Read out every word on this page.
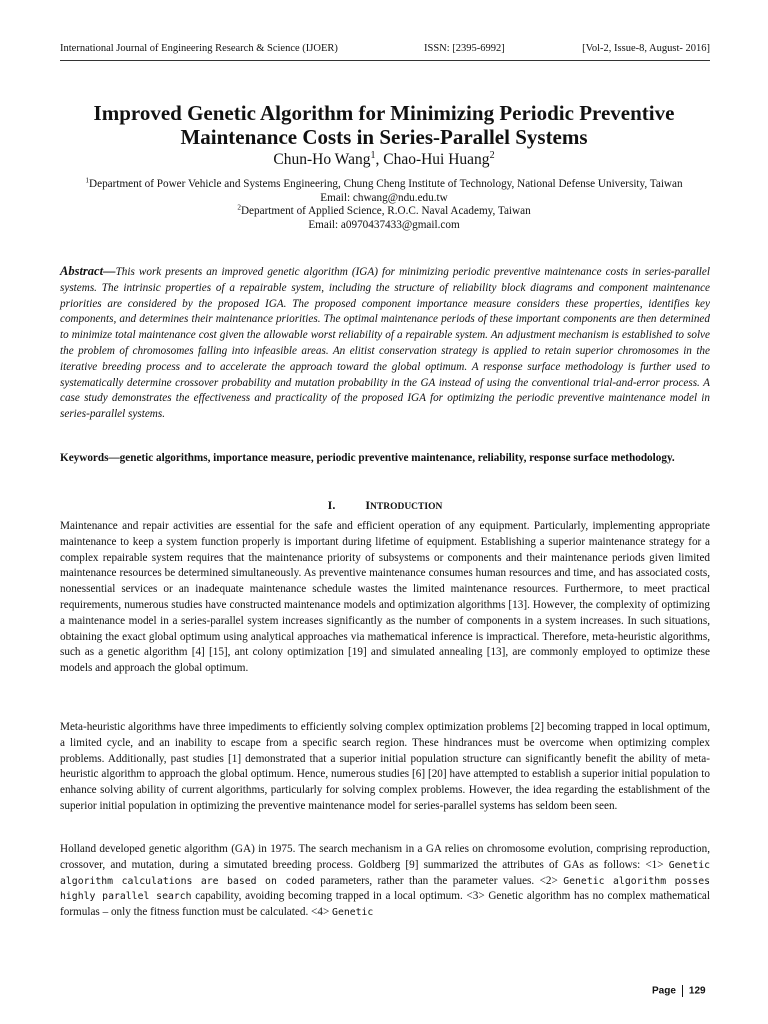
International Journal of Engineering Research & Science (IJOER)	ISSN: [2395-6992]	[Vol-2, Issue-8, August- 2016]
Improved Genetic Algorithm for Minimizing Periodic Preventive
Maintenance Costs in Series-Parallel Systems
Chun-Ho Wang$^1$, Chao-Hui Huang$^2$
$^1$Department of Power Vehicle and Systems Engineering, Chung Cheng Institute of Technology, National Defense University, Taiwan
Email: chwang@ndu.edu.tw
$^2$Department of Applied Science, R.O.C. Naval Academy, Taiwan
Email: a0970437433@gmail.com

Abstract—This work presents an improved genetic algorithm (IGA) for minimizing periodic preventive maintenance costs in series-parallel systems. The intrinsic properties of a repairable system, including the structure of reliability block diagrams and component maintenance priorities are considered by the proposed IGA. The proposed component importance measure considers these properties, identifies key components, and determines their maintenance priorities. The optimal maintenance periods of these important components are then determined to minimize total maintenance cost given the allowable worst reliability of a repairable system. An adjustment mechanism is established to solve the problem of chromosomes falling into infeasible areas. An elitist conservation strategy is applied to retain superior chromosomes in the iterative breeding process and to accelerate the approach toward the global optimum. A response surface methodology is further used to systematically determine crossover probability and mutation probability in the GA instead of using the conventional trial-and-error process. A case study demonstrates the effectiveness and practicality of the proposed IGA for optimizing the periodic preventive maintenance model in series-parallel systems.

Keywords—genetic algorithms, importance measure, periodic preventive maintenance, reliability, response surface methodology.

I.	INTRODUCTION

Maintenance and repair activities are essential for the safe and efficient operation of any equipment. Particularly, implementing appropriate maintenance to keep a system function properly is important during lifetime of equipment. Establishing a superior maintenance strategy for a complex repairable system requires that the maintenance priority of subsystems or components and their maintenance periods given limited maintenance resources be determined simultaneously. As preventive maintenance consumes human resources and time, and has associated costs, nonessential services or an inadequate maintenance schedule wastes the limited maintenance resources. Furthermore, to meet practical requirements, numerous studies have constructed maintenance models and optimization algorithms [13]. However, the complexity of optimizing a maintenance model in a series-parallel system increases significantly as the number of components in a system increases. In such situations, obtaining the exact global optimum using analytical approaches via mathematical inference is impractical. Therefore, meta-heuristic algorithms, such as a genetic algorithm [4] [15], ant colony optimization [19] and simulated annealing [13], are commonly employed to optimize these models and approach the global optimum.

Meta-heuristic algorithms have three impediments to efficiently solving complex optimization problems [2] becoming trapped in local optimum, a limited cycle, and an inability to escape from a specific search region. These hindrances must be overcome when optimizing complex problems. Additionally, past studies [1] demonstrated that a superior initial population structure can significantly benefit the ability of meta-heuristic algorithm to approach the global optimum. Hence, numerous studies [6] [20] have attempted to establish a superior initial population to enhance solving ability of current algorithms, particularly for solving complex problems. However, the idea regarding the establishment of the superior initial population in optimizing the preventive maintenance model for series-parallel systems has seldom been seen.

Holland developed genetic algorithm (GA) in 1975. The search mechanism in a GA relies on chromosome evolution, comprising reproduction, crossover, and mutation, during a simutated breeding process. Goldberg [9] summarized the attributes of GAs as follows: <1> Genetic algorithm calculations are based on coded parameters, rather than the parameter values. <2> Genetic algorithm posses highly parallel search capability, avoiding becoming trapped in a local optimum. <3> Genetic algorithm has no complex mathematical formulas – only the fitness function must be calculated. <4> Genetic

Page 129
